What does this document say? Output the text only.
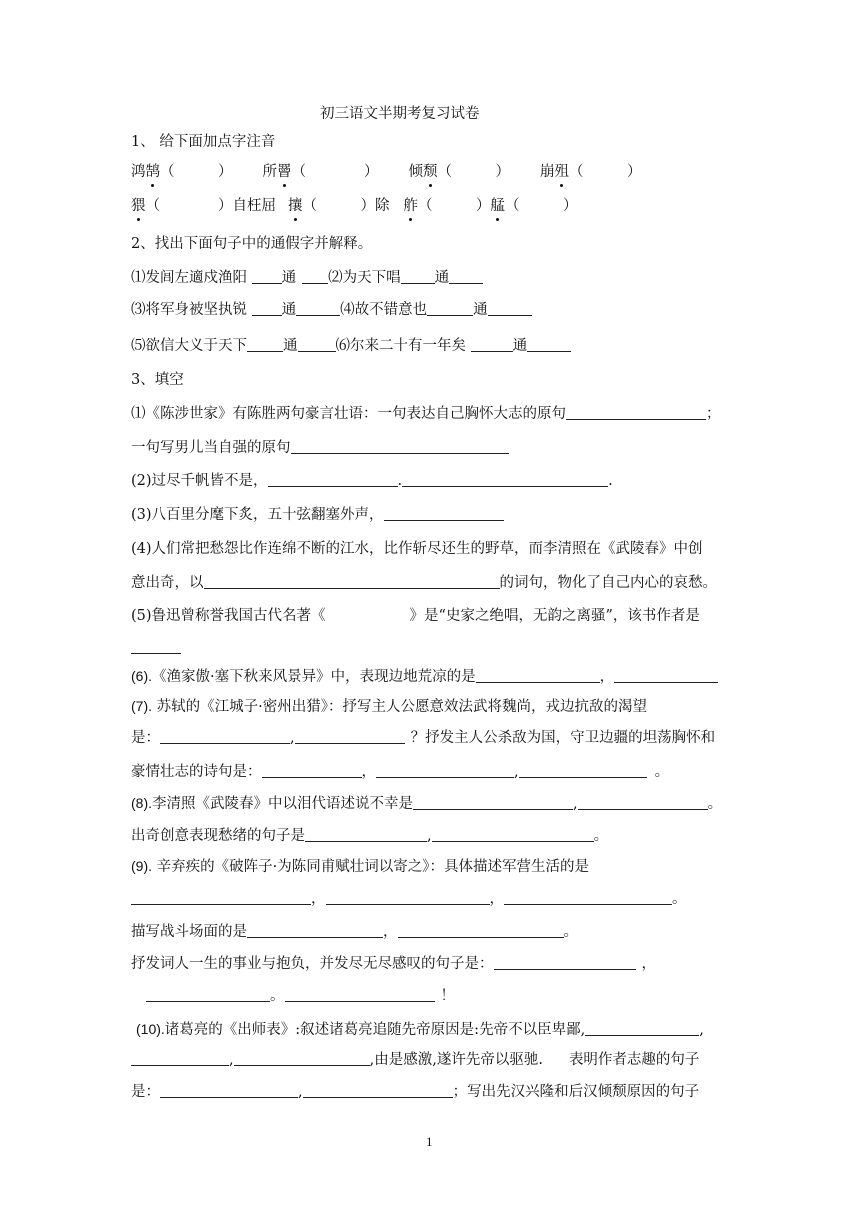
初三语文半期考复习试卷
1、 给下面加点字注音
鸿鹄（　　　） 所罾（　　　　） 倾颓（　　　） 崩殂（　　　）
猥（　　　　）自枉屈 攘（　　　）除 舴（　　　）艋（　　　）
2、找出下面句子中的通假字并解释。
⑴发闾左適戍渔阳 通 ⑵为天下唱 通
⑶将军身被坚执锐 通	⑷故不错意也	通
⑸欲信大义于天下 通	⑹尔来二十有一年矣	通
3、填空
⑴《陈涉世家》有陈胜两句豪言壮语：一句表达自己胸怀大志的原句	；
一句写男儿当自强的原句
(2)过尽千帆皆不是，	.	.
(3)八百里分麾下炙，五十弦翻塞外声，
(4)人们常把愁怨比作连绵不断的江水，比作斩尽还生的野草，而李清照在《武陵春》中创
意出奇，以	的词句，物化了自己内心的哀愁。
(5)鲁迅曾称誉我国古代名著《	》是“史家之绝唱，无韵之离骚”，该书作者是
(6).《渔家傲·塞下秋来风景异》中，表现边地荒凉的是	，
(7). 苏轼的《江城子·密州出猎》：抒写主人公愿意效法武将魏尚，戎边抗敌的渴望
是：	,	？抒发主人公杀敌为国，守卫边疆的坦荡胸怀和
豪情壮志的诗句是：	，	,	。
(8).李清照《武陵春》中以泪代语述说不幸是	,	。
出奇创意表现愁绪的句子是	,	。
(9). 辛弃疾的《破阵子·为陈同甫赋壮词以寄之》：具体描述军营生活的是
，	，	。
描写战斗场面的是	，	。
抒发词人一生的事业与抱负，并发尽无尽感叹的句子是：	，
。	！
(10).诸葛亮的《出师表》:叙述诸葛亮追随先帝原因是:先帝不以臣卑鄙,	,
,	,由是感激,遂许先帝以驱驰. 表明作者志趣的句子
是：	,	；写出先汉兴隆和后汉倾颓原因的句子
1
